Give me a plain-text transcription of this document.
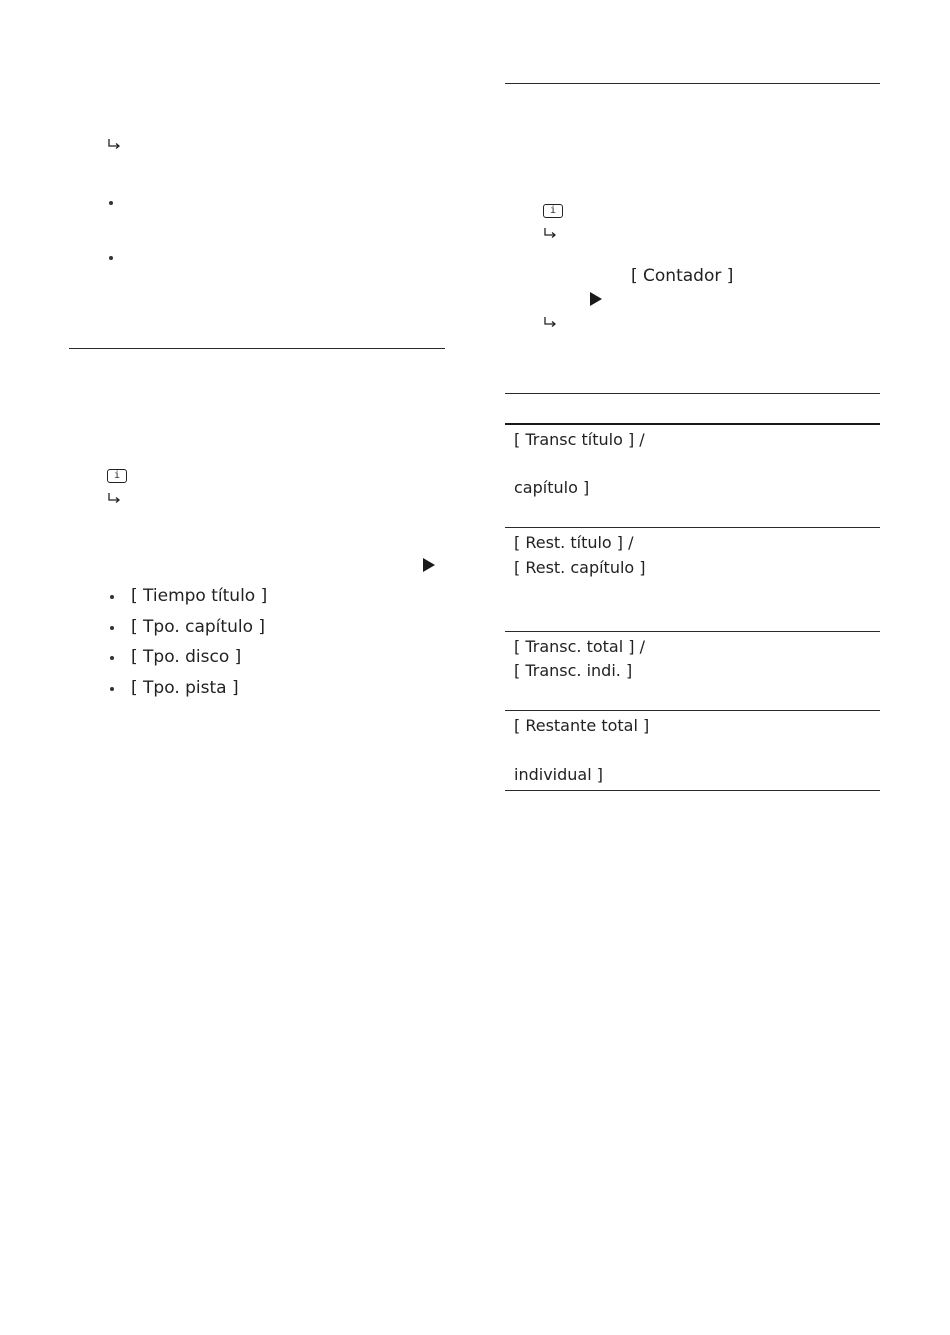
i
[ Tiempo título ]
[ Tpo. capítulo ]
[ Tpo. disco ]
[ Tpo. pista ]
i
[ Contador ]
[ Transc título ] /
capítulo ]
[ Rest. título ] /
[ Rest. capítulo ]
[ Transc. total ] /
[ Transc. indi. ]
[ Restante total ]
individual ]
